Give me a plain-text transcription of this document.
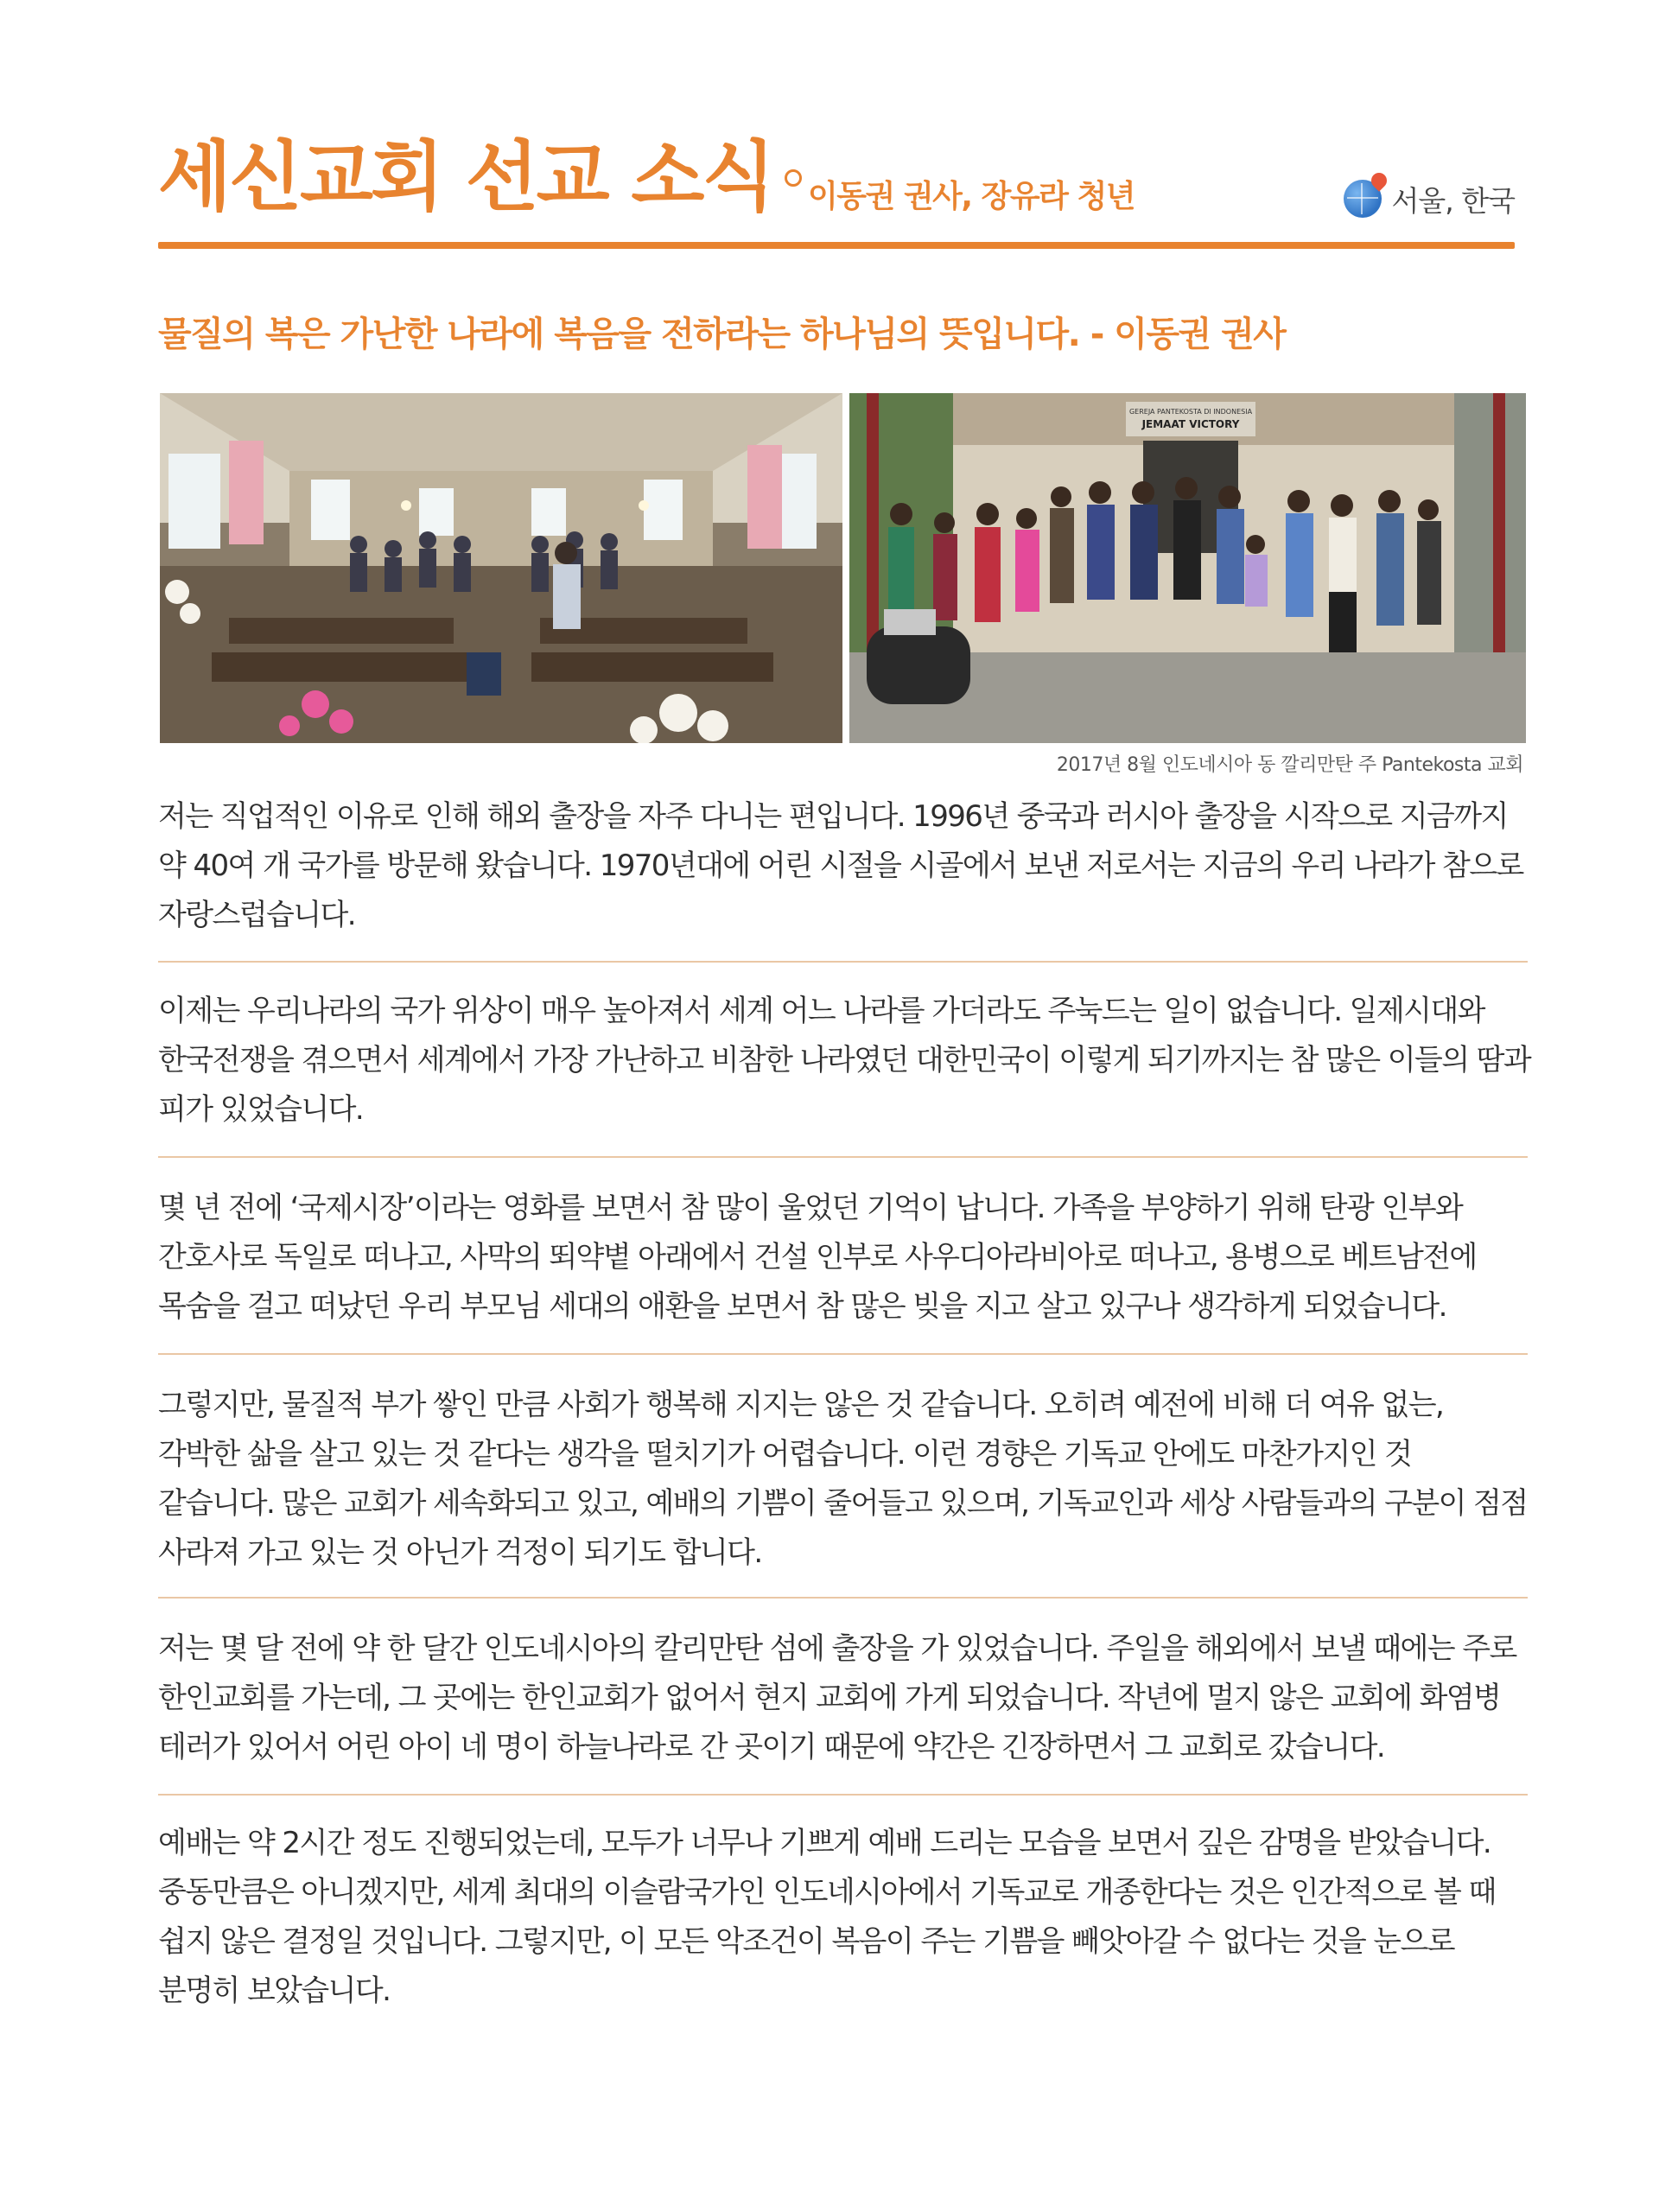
세신교회 선교 소식 이동권 권사, 장유라 청년	서울, 한국
물질의 복은 가난한 나라에 복음을 전하라는 하나님의 뜻입니다. - 이동권 권사
GEREJA PANTEKOSTA DI INDONESIA
JEMAAT VICTORY
2017년 8월 인도네시아 동 깔리만탄 주 Pantekosta 교회
저는 직업적인 이유로 인해 해외 출장을 자주 다니는 편입니다. 1996년 중국과 러시아 출장을 시작으로 지금까지 약 40여 개 국가를 방문해 왔습니다. 1970년대에 어린 시절을 시골에서 보낸 저로서는 지금의 우리 나라가 참으로 자랑스럽습니다.
이제는 우리나라의 국가 위상이 매우 높아져서 세계 어느 나라를 가더라도 주눅드는 일이 없습니다. 일제시대와 한국전쟁을 겪으면서 세계에서 가장 가난하고 비참한 나라였던 대한민국이 이렇게 되기까지는 참 많은 이들의 땀과 피가 있었습니다.
몇 년 전에 ‘국제시장’이라는 영화를 보면서 참 많이 울었던 기억이 납니다. 가족을 부양하기 위해 탄광 인부와 간호사로 독일로 떠나고, 사막의 뙤약볕 아래에서 건설 인부로 사우디아라비아로 떠나고, 용병으로 베트남전에 목숨을 걸고 떠났던 우리 부모님 세대의 애환을 보면서 참 많은 빚을 지고 살고 있구나 생각하게 되었습니다.
그렇지만, 물질적 부가 쌓인 만큼 사회가 행복해 지지는 않은 것 같습니다. 오히려 예전에 비해 더 여유 없는, 각박한 삶을 살고 있는 것 같다는 생각을 떨치기가 어렵습니다. 이런 경향은 기독교 안에도 마찬가지인 것 같습니다. 많은 교회가 세속화되고 있고, 예배의 기쁨이 줄어들고 있으며, 기독교인과 세상 사람들과의 구분이 점점 사라져 가고 있는 것 아닌가 걱정이 되기도 합니다.
저는 몇 달 전에 약 한 달간 인도네시아의 칼리만탄 섬에 출장을 가 있었습니다. 주일을 해외에서 보낼 때에는 주로 한인교회를 가는데, 그 곳에는 한인교회가 없어서 현지 교회에 가게 되었습니다. 작년에 멀지 않은 교회에 화염병 테러가 있어서 어린 아이 네 명이 하늘나라로 간 곳이기 때문에 약간은 긴장하면서 그 교회로 갔습니다.
예배는 약 2시간 정도 진행되었는데, 모두가 너무나 기쁘게 예배 드리는 모습을 보면서 깊은 감명을 받았습니다. 중동만큼은 아니겠지만, 세계 최대의 이슬람국가인 인도네시아에서 기독교로 개종한다는 것은 인간적으로 볼 때 쉽지 않은 결정일 것입니다. 그렇지만, 이 모든 악조건이 복음이 주는 기쁨을 빼앗아갈 수 없다는 것을 눈으로 분명히 보았습니다.
